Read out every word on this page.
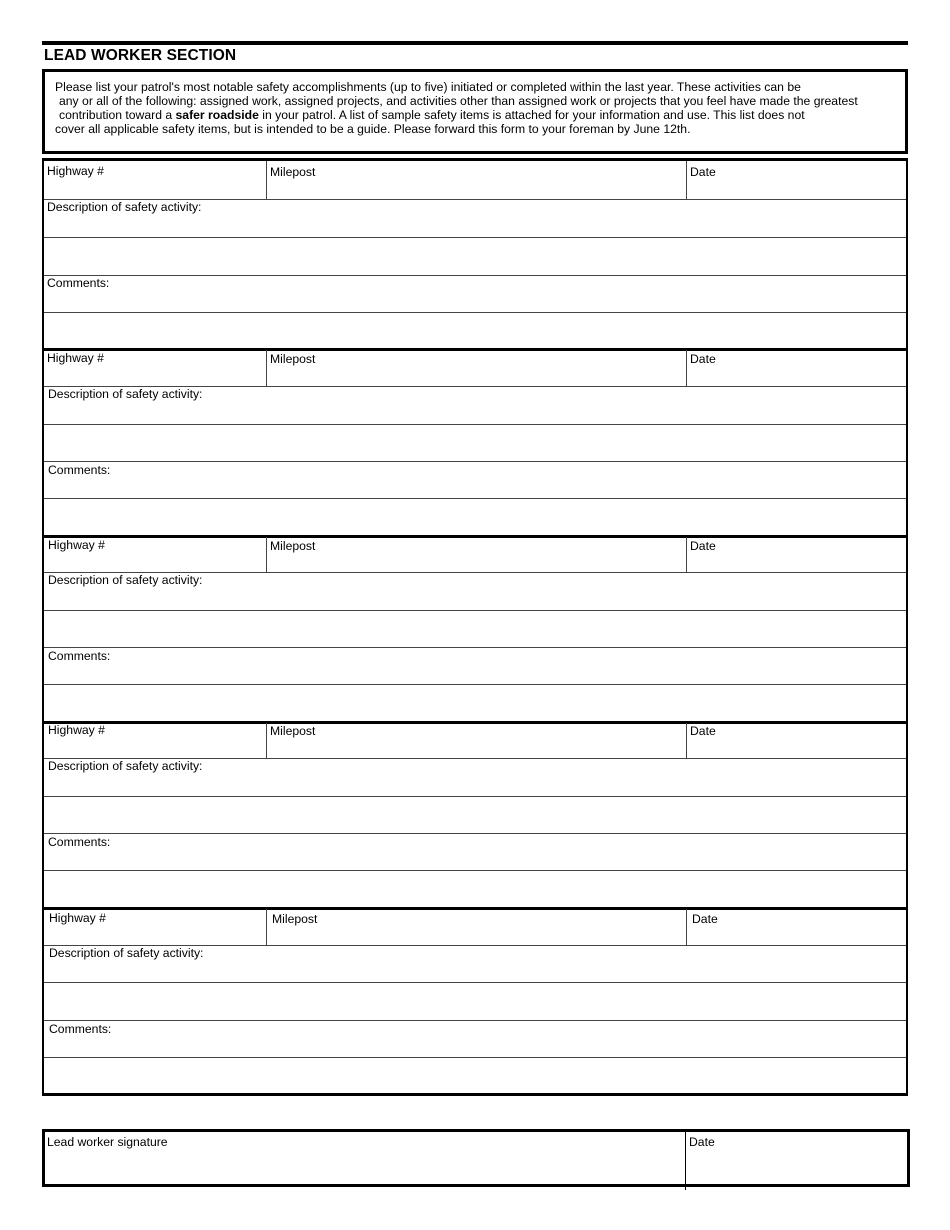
LEAD WORKER SECTION
Please list your patrol's most notable safety accomplishments (up to five) initiated or completed within the last year. These activities can be
any or all of the following: assigned work, assigned projects, and activities other than assigned work or projects that you feel have made the greatest
contribution toward a safer roadside in your patrol. A list of sample safety items is attached for your information and use. This list does not
cover all applicable safety items, but is intended to be a guide. Please forward this form to your foreman by June 12th.
Highway #	Milepost	Date
Description of safety activity:
Comments:
Highway #	Milepost	Date
Description of safety activity:
Comments:
Highway #	Milepost	Date
Description of safety activity:
Comments:
Highway #	Milepost	Date
Description of safety activity:
Comments:
Highway #	Milepost	Date
Description of safety activity:
Comments:
Lead worker signature	Date
